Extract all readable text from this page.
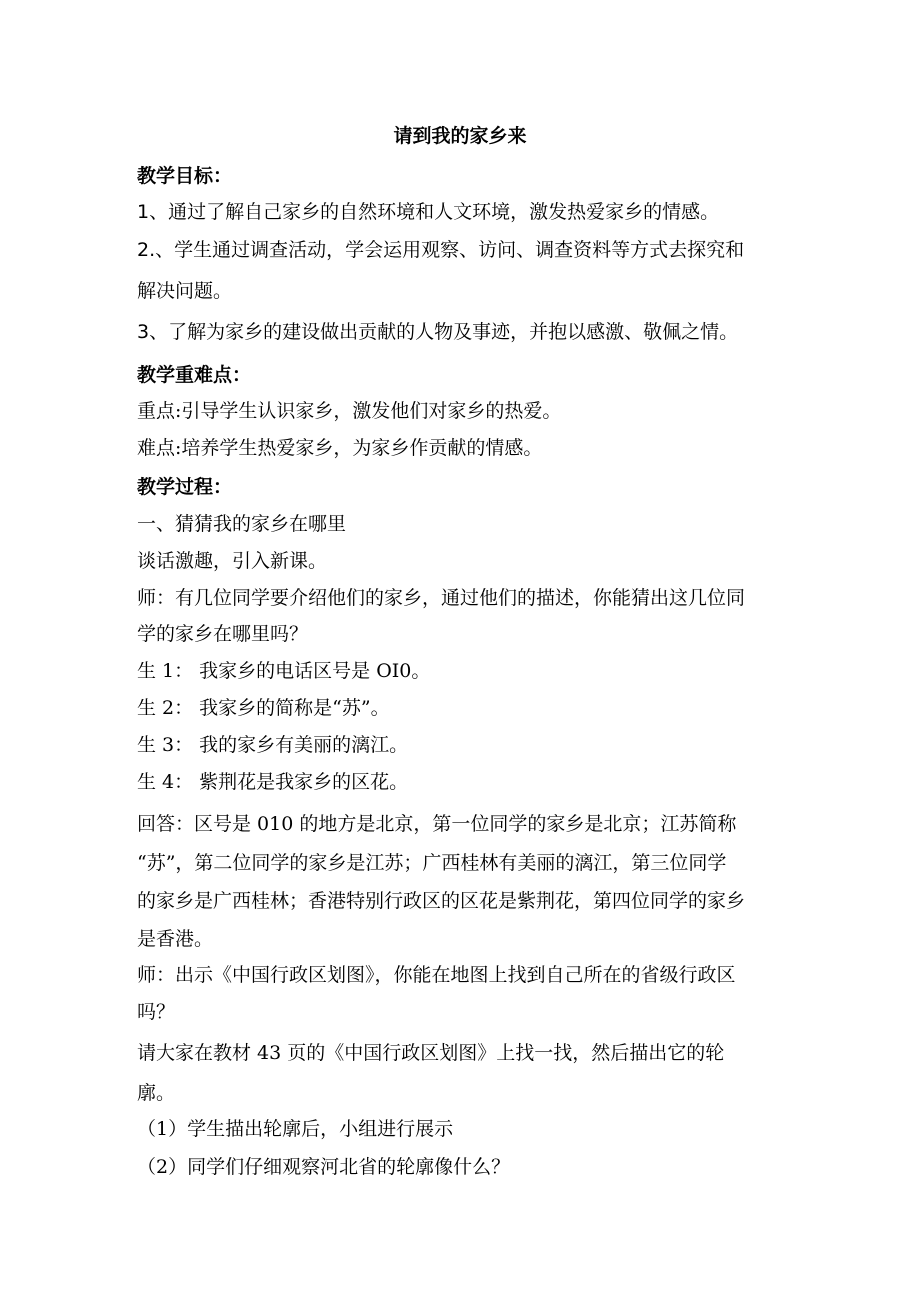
请到我的家乡来
教学目标：
1、通过了解自己家乡的自然环境和人文环境，激发热爱家乡的情感。
2.、学生通过调查活动，学会运用观察、访问、调查资料等方式去探究和
解决问题。
3、了解为家乡的建设做出贡献的人物及事迹，并抱以感激、敬佩之情。
教学重难点：
重点:引导学生认识家乡，激发他们对家乡的热爱。
难点:培养学生热爱家乡，为家乡作贡献的情感。
教学过程：
一、猜猜我的家乡在哪里
谈话激趣，引入新课。
师：有几位同学要介绍他们的家乡，通过他们的描述，你能猜出这几位同
学的家乡在哪里吗？
生 1： 我家乡的电话区号是 OI0。
生 2： 我家乡的简称是“苏”。
生 3： 我的家乡有美丽的漓江。
生 4： 紫荆花是我家乡的区花。
回答：区号是 010 的地方是北京，第一位同学的家乡是北京；江苏简称
“苏”，第二位同学的家乡是江苏；广西桂林有美丽的漓江，第三位同学
的家乡是广西桂林；香港特别行政区的区花是紫荆花，第四位同学的家乡
是香港。
师：出示《中国行政区划图》，你能在地图上找到自己所在的省级行政区
吗？
请大家在教材 43 页的《中国行政区划图》上找一找，然后描出它的轮
廓。
（1）学生描出轮廓后，小组进行展示
（2）同学们仔细观察河北省的轮廓像什么？
